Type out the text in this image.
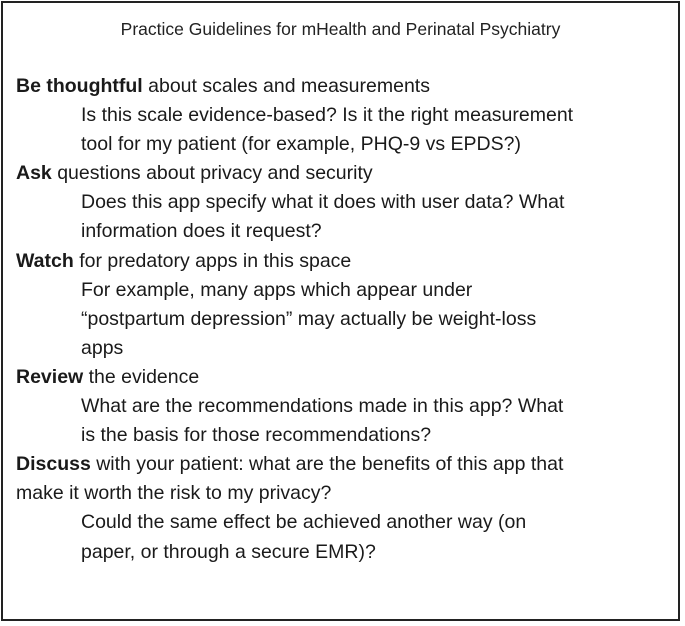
Practice Guidelines for mHealth and Perinatal Psychiatry
Be thoughtful about scales and measurements
Is this scale evidence-based? Is it the right measurement
tool for my patient (for example, PHQ-9 vs EPDS?)
Ask questions about privacy and security
Does this app specify what it does with user data? What
information does it request?
Watch for predatory apps in this space
For example, many apps which appear under
“postpartum depression” may actually be weight-loss
apps
Review the evidence
What are the recommendations made in this app? What
is the basis for those recommendations?
Discuss with your patient: what are the benefits of this app that
make it worth the risk to my privacy?
Could the same effect be achieved another way (on
paper, or through a secure EMR)?
